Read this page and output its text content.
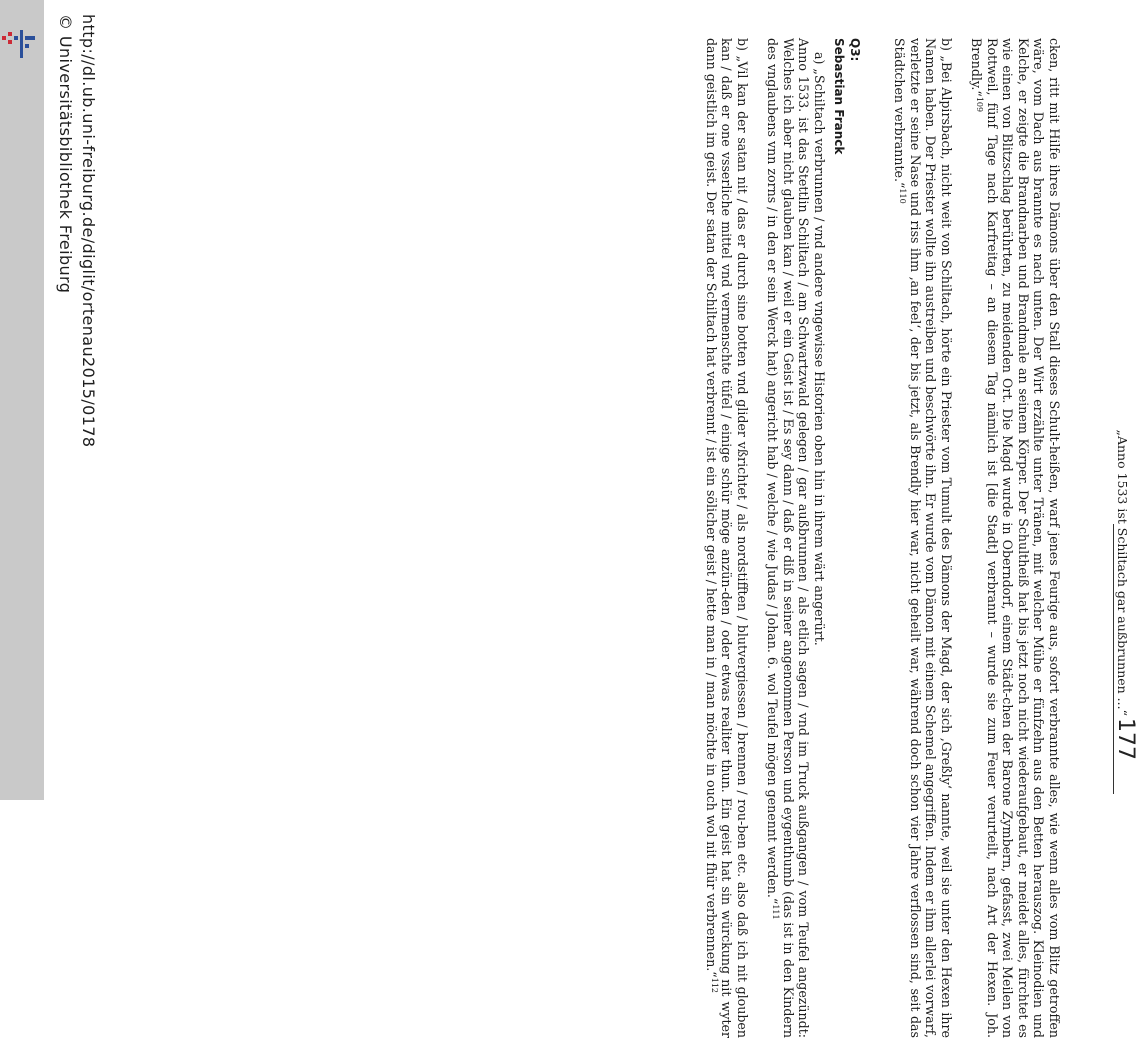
„Anno 1533 ist Schiltach gar außbrunnen ...“
177

cken, ritt mit Hilfe ihres Dämons über den Stall dieses Schult-heißen, warf jenes Feurige aus, sofort verbrannte alles, wie wenn alles vom Blitz getroffen wäre, vom Dach aus brannte es nach unten. Der Wirt erzählte unter Tränen, mit welcher Mühe er fünfzehn aus den Betten herauszog. Kleinodien und Kelche, er zeigte die Brandnarben und Brandmale an seinem Körper. Der Schultheiß hat bis jetzt noch nicht wiederaufgebaut, er meidet alles, fürchtet es wie einen von Blitzschlag berührten, zu meidenden Ort. Die Magd wurde in Oberndorf, einem Städt-chen der Barone Zymbern, gefasst, zwei Meilen von Rottweil, fünf Tage nach Karfreitag – an diesem Tag nämlich ist [die Stadt] verbrannt – wurde sie zum Feuer verurteilt, nach Art der Hexen. Joh. Brendly.“$^{109}$

b) „Bei Alpirsbach, nicht weit von Schiltach, hörte ein Priester vom Tumult des Dämons der Magd, der sich ‚Greßly‘ nannte, weil sie unter den Hexen ihre Namen haben. Der Priester wollte ihn austreiben und beschwörte ihn. Er wurde vom Dämon mit einem Schemel angegriffen. Indem er ihm allerlei vorwarf, verletzte er seine Nase und riss ihm ‚an feel‘, der bis jetzt, als Brendly hier war, nicht geheilt war, während doch schon vier Jahre verflossen sind, seit das Städtchen verbrannte.“$^{110}$

Q3:
Sebastian Franck

a) „Schiltach verbrunnen / vnd andere vngewisse Historien oben hin in ihrem wärt angerürt.

Anno 1533. ist das Stettlin Schiltach / am Schwartzwald gelegen / gar außbrunnen / als etlich sagen / vnd im Truck außgangen / vom Teufel angezündt: Welches ich aber nicht glauben kan / weil er ein Geist ist / Es sey dann / daß er diß in seiner angenommen Person und eygenthumb (das ist in den Kindern des vnglaubens vnn zorns / in den er sein Werck hat) angericht hab / welche / wie Judas / Johan. 6. wol Teufel mögen genennt werden.“$^{111}$

b) „Vil kan der satan nit / das er durch sine botten vnd glider vßrichtet / als nordstifften / blutvergiessen / brennen / rou-ben etc. also daß ich nit glouben kan / daß er one vsserliche mittel vnd vermenschte tüfel / einige schür möge anzün-den / oder etwas realiter thun. Ein geist hat sin würckung nit wyter dann geistlich im geist. Der satan der Schiltach hat verbrennt / ist ein sölicher geist / hette man in / man möchte in ouch wol nit fhür verbrennen.“$^{112}$

http://dl.ub.uni-freiburg.de/diglit/ortenau2015/0178
© Universitätsbibliothek Freiburg
